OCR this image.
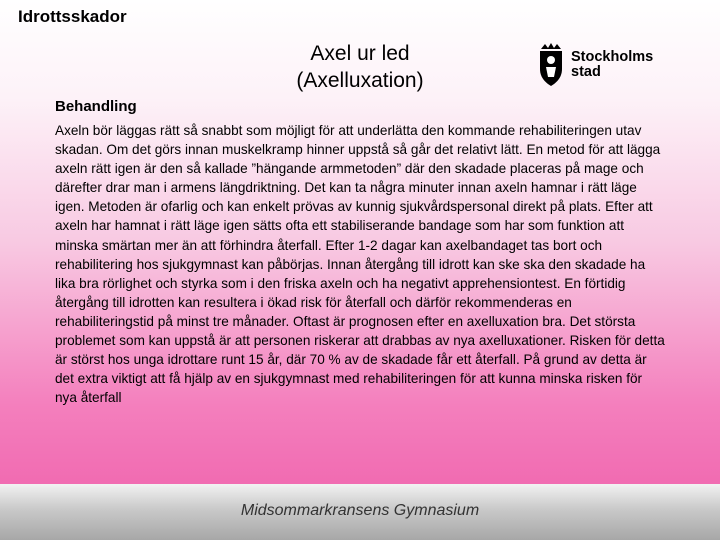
Idrottsskador
Axel ur led
(Axelluxation)
Stockholms
stad
Behandling

Axeln bör läggas rätt så snabbt som möjligt för att underlätta den kommande rehabiliteringen utav skadan. Om det görs innan muskelkramp hinner uppstå så går det relativt lätt. En metod för att lägga axeln rätt igen är den så kallade ”hängande armmetoden” där den skadade placeras på mage och därefter drar man i armens längdriktning. Det kan ta några minuter innan axeln hamnar i rätt läge igen. Metoden är ofarlig och kan enkelt prövas av kunnig sjukvårdspersonal direkt på plats. Efter att axeln har hamnat i rätt läge igen sätts ofta ett stabiliserande bandage som har som funktion att minska smärtan mer än att förhindra återfall. Efter 1-2 dagar kan axelbandaget tas bort och rehabilitering hos sjukgymnast kan påbörjas. Innan återgång till idrott kan ske ska den skadade ha lika bra rörlighet och styrka som i den friska axeln och ha negativt apprehensiontest. En förtidig återgång till idrotten kan resultera i ökad risk för återfall och därför rekommenderas en rehabiliteringstid på minst tre månader. Oftast är prognosen efter en axelluxation bra. Det största problemet som kan uppstå är att personen riskerar att drabbas av nya axelluxationer. Risken för detta är störst hos unga idrottare runt 15 år, där 70 % av de skadade får ett återfall. På grund av detta är det extra viktigt att få hjälp av en sjukgymnast med rehabiliteringen för att kunna minska risken för nya återfall

Midsommarkransens Gymnasium
